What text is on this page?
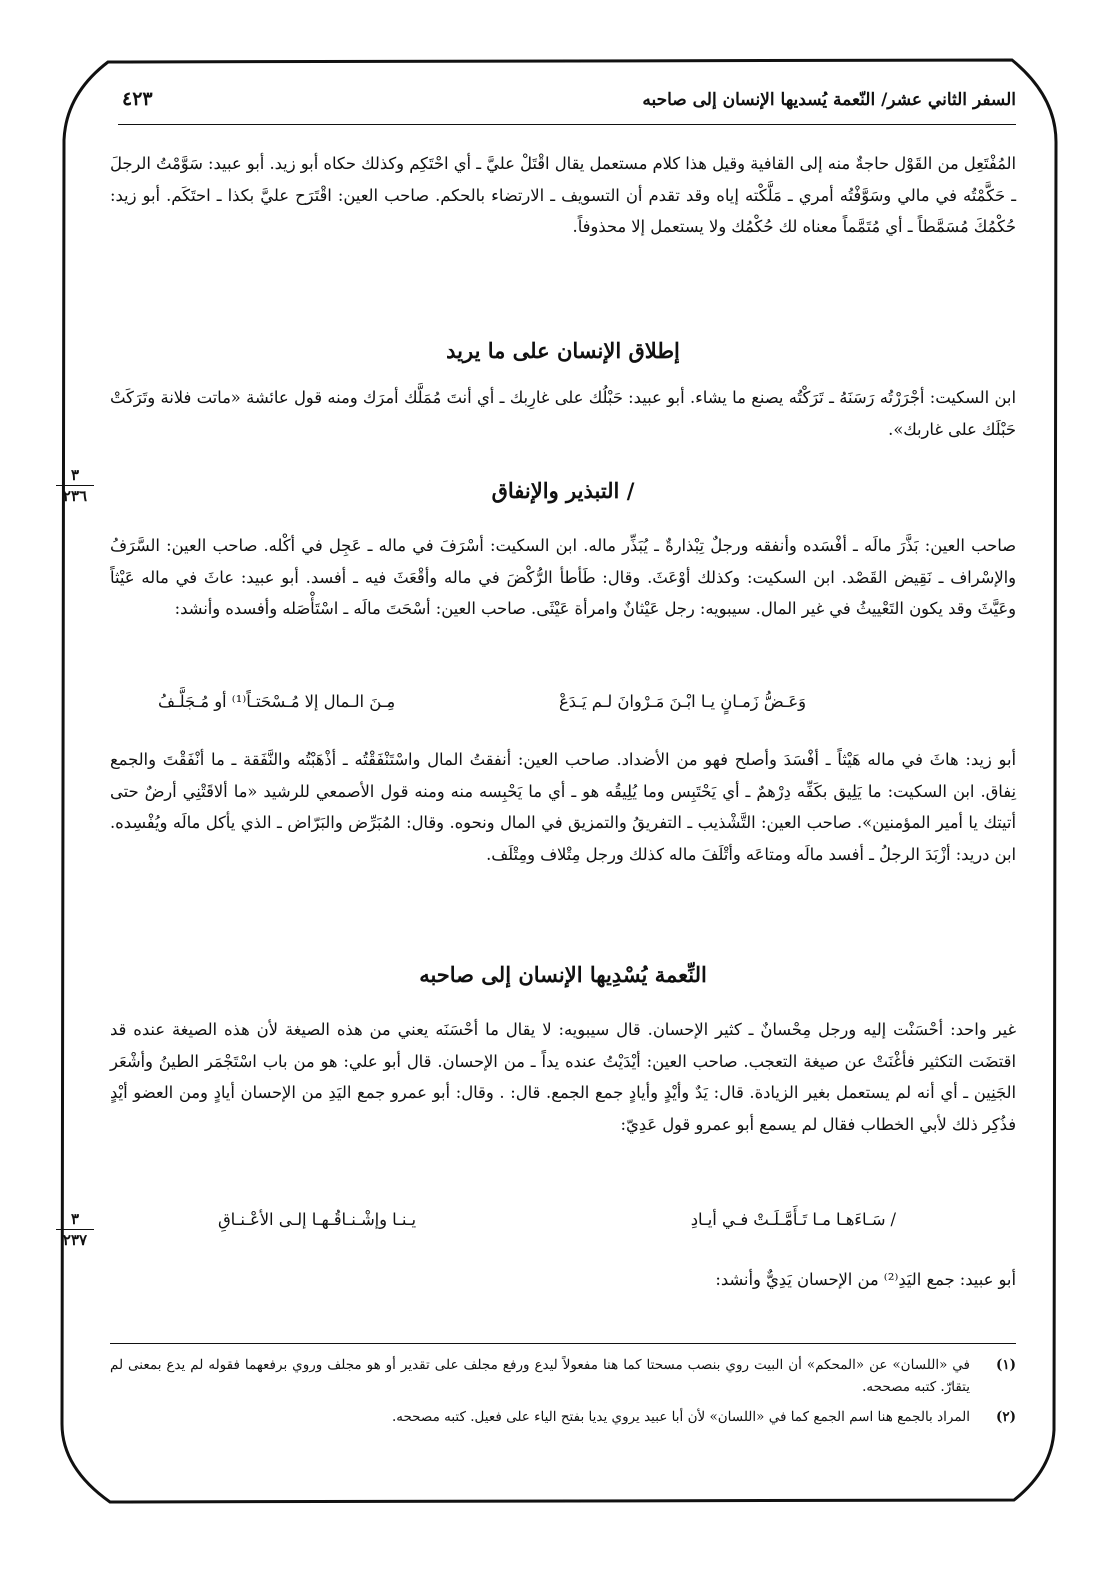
السفر الثاني عشر/ النّعمة يُسديها الإنسان إلى صاحبه
٤٢٣

المُفْتَعِل من القَوْل حاجةٌ منه إلى القافية وقيل هذا كلام مستعمل يقال اقْتَلْ عليَّ ـ أي احْتَكِم وكذلك حكاه أبو زيد. أبو عبيد: سَوَّمْتُ الرجلَ ـ حَكَّمْتُه في مالي وسَوَّفْتُه أمري ـ مَلَّكْته إياه وقد تقدم أن التسويف ـ الارتضاء بالحكم. صاحب العين: اقْتَرَح عليَّ بكذا ـ احتَكَم. أبو زيد: حُكْمُكَ مُسَمَّطاً ـ أي مُتَمَّماً معناه لك حُكْمُك ولا يستعمل إلا محذوفاً.

إطلاق الإنسان على ما يريد

ابن السكيت: أجْرَرْتُه رَسَنَهُ ـ تَرَكْتُه يصنع ما يشاء. أبو عبيد: حَبْلُك على غارِبك ـ أي أنتَ مُمَلَّك أمرَك ومنه قول عائشة «ماتت فلانة وتَرَكَتْ حَبْلَك على غاربك».

٣
٢٣٦	/ التبذير والإنفاق

صاحب العين: بَذَّرَ مالَه ـ أفْسَده وأنفقه ورجلٌ تِبْذارةٌ ـ يُبَذِّر ماله. ابن السكيت: أسْرَفَ في ماله ـ عَجِل في أكْله. صاحب العين: السَّرَفُ والإسْراف ـ نَقِيض القَصْد. ابن السكيت: وكذلك أوْعَثَ. وقال: طَأطأ الرُّكْضَ في ماله وأقْعَثَ فيه ـ أفسد. أبو عبيد: عاثَ في ماله عَيْثاً وعَيَّثَ وقد يكون التَعْييثُ في غير المال. سيبويه: رجل عَيْثانٌ وامرأة عَيْثَى. صاحب العين: أسْحَتَ مالَه ـ اسْتَأْصَله وأفسده وأنشد:

وَعَـضُّ زَمـانٍ يـا ابْـنَ مَـرْوانَ لـم يَـدَعْ
مِـنَ الـمال إلا مُـسْحَتـاً⁽¹⁾ أو مُـجَلَّـفُ

أبو زيد: هاثَ في ماله هَيْثاً ـ أفْسَدَ وأصلح فهو من الأضداد. صاحب العين: أنفقتُ المال واسْتَنْفَقْتُه ـ أذْهَبْتُه والنَّفَقة ـ ما أنْفَقْتَ والجمع نِفاق. ابن السكيت: ما يَلِيق بكَفِّه دِرْهمٌ ـ أي يَحْتَبِس وما يُلِيقُه هو ـ أي ما يَحْبِسه منه ومنه قول الأصمعي للرشيد «ما ألاقَتْنِي أرضٌ حتى أتيتك يا أمير المؤمنين». صاحب العين: التَّشْذيب ـ التفريقُ والتمزيق في المال ونحوه. وقال: المُبَرِّض والبَرّاض ـ الذي يأكل مالَه ويُفْسِده. ابن دريد: أزْبَدَ الرجلُ ـ أفسد مالَه ومتاعَه وأتْلَفَ ماله كذلك ورجل مِتْلاف ومِتْلَف.

النِّعمة يُسْدِيها الإنسان إلى صاحبه

غير واحد: أحْسَنْت إليه ورجل مِحْسانٌ ـ كثير الإحسان. قال سيبويه: لا يقال ما أحْسَنَه يعني من هذه الصيغة لأن هذه الصيغة عنده قد اقتضَت التكثير فأغْنَتْ عن صيغة التعجب. صاحب العين: أيْدَيْتُ عنده يداً ـ من الإحسان. قال أبو علي: هو من باب اسْتَجْمَر الطينُ وأشْعَر الجَنِين ـ أي أنه لم يستعمل بغير الزيادة. قال: يَدٌ وأيْدٍ وأيادٍ جمع الجمع. قال: . وقال: أبو عمرو جمع اليَدِ من الإحسان أيادٍ ومن العضو أيْدٍ فذُكِر ذلك لأبي الخطاب فقال لم يسمع أبو عمرو قول عَدِيّ:

٣
٢٣٧
/ سَـاءَهـا مـا تَـأَمَّـلَـتْ فـي أيـادِ
يـنـا وإشْـنـاقُـهـا إلـى الأعْـنـاقِ

أبو عبيد: جمع اليَدِ⁽²⁾ من الإحسان يَدِيٌّ وأنشد:

(١)
في «اللسان» عن «المحكم» أن البيت روي بنصب مسحتا كما هنا مفعولاً ليدع ورفع مجلف على تقدير أو هو مجلف وروي برفعهما فقوله لم يدع بمعنى لم يتقارّ. كتبه مصححه.
(٢)
المراد بالجمع هنا اسم الجمع كما في «اللسان» لأن أبا عبيد يروي يديا بفتح الياء على فعيل. كتبه مصححه.
